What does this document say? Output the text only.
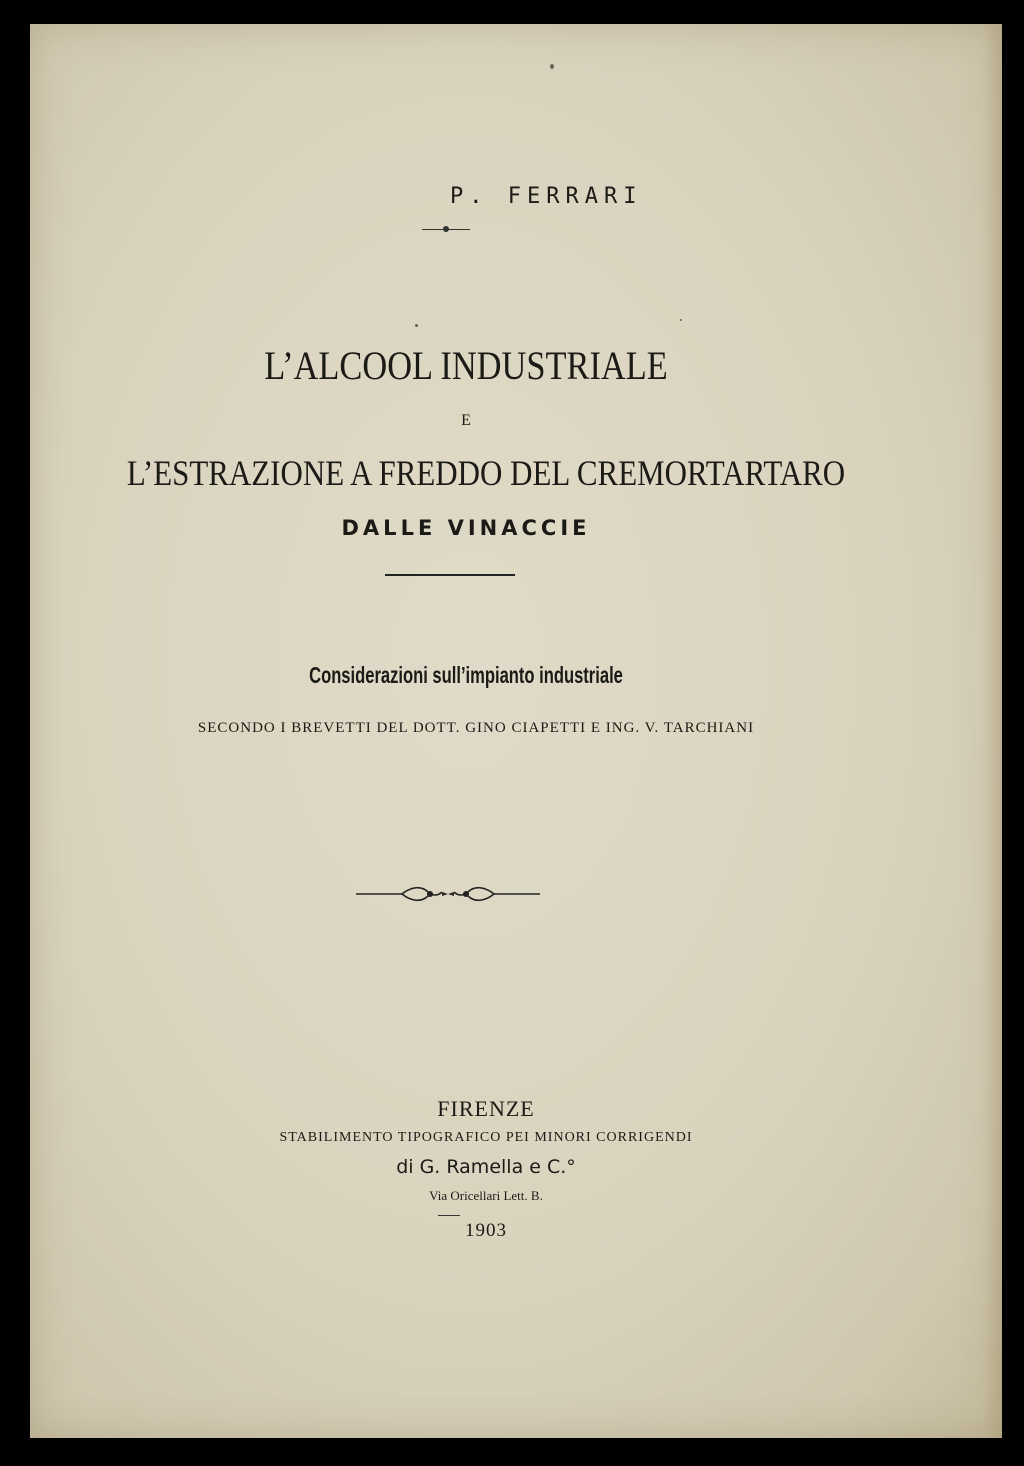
P. FERRARI
L’ALCOOL INDUSTRIALE
E
L’ESTRAZIONE A FREDDO DEL CREMORTARTARO
DALLE VINACCIE
Considerazioni sull’impianto industriale
SECONDO I BREVETTI DEL DOTT. GINO CIAPETTI E ING. V. TARCHIANI
FIRENZE
STABILIMENTO TIPOGRAFICO PEI MINORI CORRIGENDI
di G. Ramella e C.°
Via Oricellari Lett. B.
1903
